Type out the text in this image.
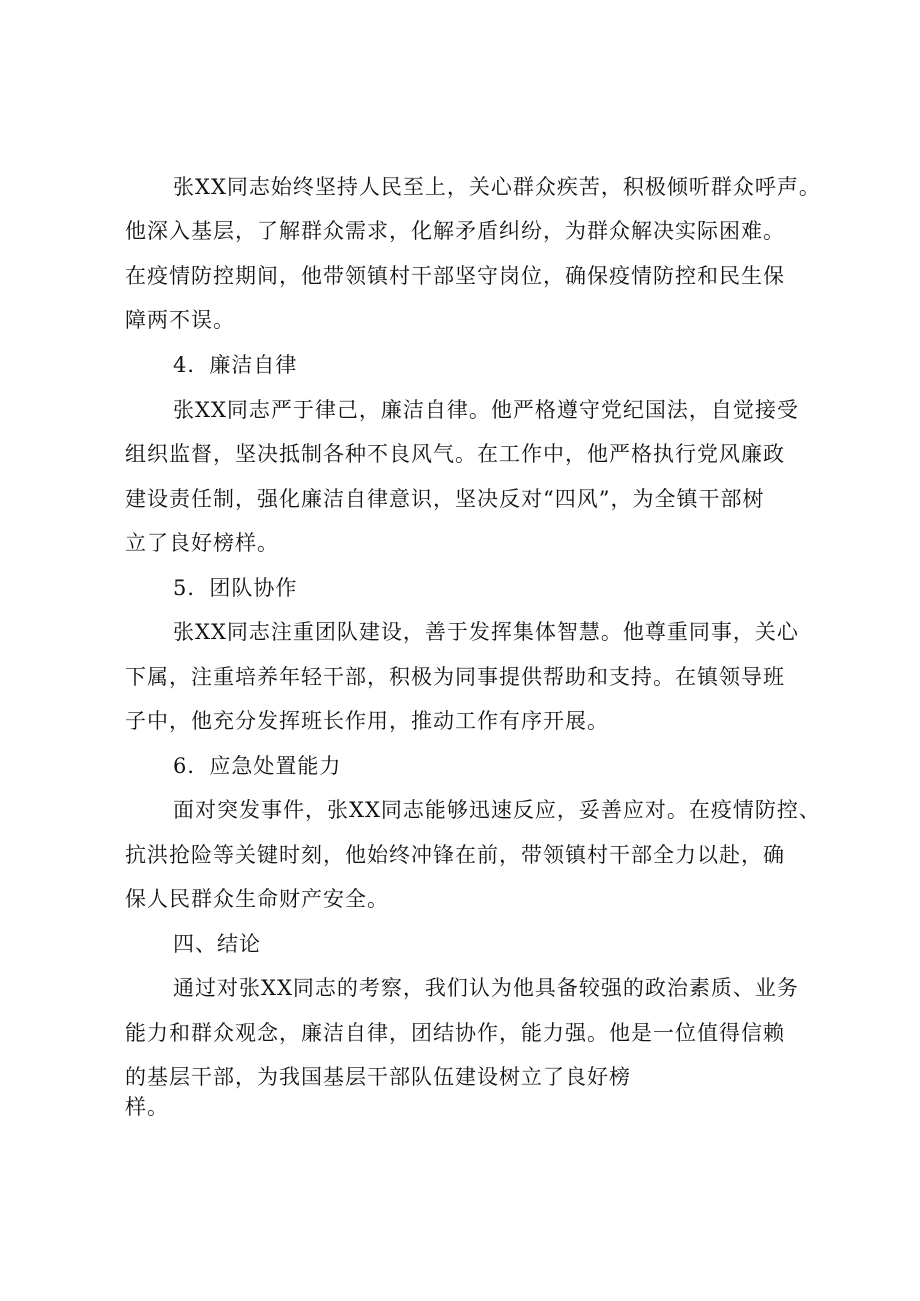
张XX同志始终坚持人民至上，关心群众疾苦，积极倾听群众呼声。
他深入基层，了解群众需求，化解矛盾纠纷，为群众解决实际困难。
在疫情防控期间，他带领镇村干部坚守岗位，确保疫情防控和民生保
障两不误。
4．廉洁自律
张XX同志严于律己，廉洁自律。他严格遵守党纪国法，自觉接受
组织监督，坚决抵制各种不良风气。在工作中，他严格执行党风廉政
建设责任制，强化廉洁自律意识，坚决反对“四风”，为全镇干部树
立了良好榜样。
5．团队协作
张XX同志注重团队建设，善于发挥集体智慧。他尊重同事，关心
下属，注重培养年轻干部，积极为同事提供帮助和支持。在镇领导班
子中，他充分发挥班长作用，推动工作有序开展。
6．应急处置能力
面对突发事件，张XX同志能够迅速反应，妥善应对。在疫情防控、
抗洪抢险等关键时刻，他始终冲锋在前，带领镇村干部全力以赴，确
保人民群众生命财产安全。
四、结论
通过对张XX同志的考察，我们认为他具备较强的政治素质、业务
能力和群众观念，廉洁自律，团结协作，能力强。他是一位值得信赖
的基层干部，为我国基层干部队伍建设树立了良好榜
样。
